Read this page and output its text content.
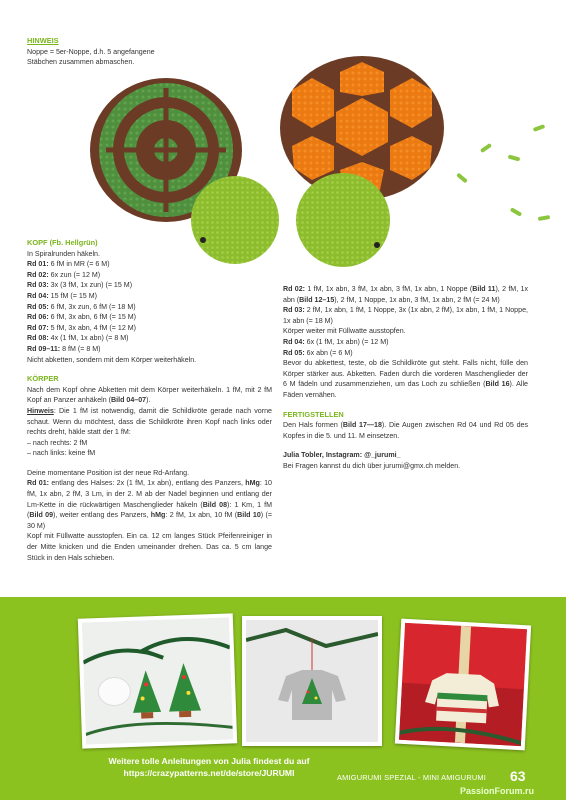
HINWEIS

Noppe = 5er-Noppe, d.h. 5 angefangene

Stäbchen zusammen abmaschen.

KOPF (Fb. Hellgrün)

In Spiralrunden häkeln.

Rd 01: 6 fM in MR (= 6 M)

Rd 02: 6x zun (= 12 M)

Rd 03: 3x (3 fM, 1x zun) (= 15 M)

Rd 04: 15 fM (= 15 M)

Rd 05: 6 fM, 3x zun, 6 fM (= 18 M)

Rd 06: 6 fM, 3x abn, 6 fM (= 15 M)

Rd 07: 5 fM, 3x abn, 4 fM (= 12 M)

Rd 08: 4x (1 fM, 1x abn) (= 8 M)

Rd 09–11: 8 fM (= 8 M)

Nicht abketten, sondern mit dem Körper weiterhäkeln.

KÖRPER

Nach dem Kopf ohne Abketten mit dem Körper weiterhäkeln. 1 fM, mit 2 fM Kopf an Panzer anhäkeln (Bild 04–07).

Hinweis: Die 1 fM ist notwendig, damit die Schildkröte gerade nach vorne schaut. Wenn du möchtest, dass die Schildkröte ihren Kopf nach links oder rechts dreht, häkle statt der 1 fM:

– nach rechts: 2 fM

– nach links: keine fM

Deine momentane Position ist der neue Rd-Anfang.

Rd 01: entlang des Halses: 2x (1 fM, 1x abn), entlang des Panzers, hMg: 10 fM, 1x abn, 2 fM, 3 Lm, in der 2. M ab der Nadel beginnen und entlang der Lm-Kette in die rückwärtigen Maschenglieder häkeln (Bild 08): 1 Km, 1 fM (Bild 09), weiter entlang des Panzers, hMg: 2 fM, 1x abn, 10 fM (Bild 10) (= 30 M)

Kopf mit Füllwatte ausstopfen. Ein ca. 12 cm langes Stück Pfeifenreiniger in der Mitte knicken und die Enden umeinander drehen. Das ca. 5 cm lange Stück in den Hals schieben.

Rd 02: 1 fM, 1x abn, 3 fM, 1x abn, 3 fM, 1x abn, 1 Noppe (Bild 11), 2 fM, 1x abn (Bild 12–15), 2 fM, 1 Noppe, 1x abn, 3 fM, 1x abn, 2 fM (= 24 M)

Rd 03: 2 fM, 1x abn, 1 fM, 1 Noppe, 3x (1x abn, 2 fM), 1x abn, 1 fM, 1 Noppe, 1x abn (= 18 M)

Körper weiter mit Füllwatte ausstopfen.

Rd 04: 6x (1 fM, 1x abn) (= 12 M)

Rd 05: 6x abn (= 6 M)

Bevor du abkettest, teste, ob die Schildkröte gut steht. Falls nicht, fülle den Körper stärker aus. Abketten. Faden durch die vorderen Maschenglieder der 6 M fädeln und zusammenziehen, um das Loch zu schließen (Bild 16). Alle Fäden vernähen.

FERTIGSTELLEN

Den Hals formen (Bild 17—18). Die Augen zwischen Rd 04 und Rd 05 des Kopfes in die 5. und 11. M einsetzen.

Julia Tobler, Instagram: @_jurumi_

Bei Fragen kannst du dich über jurumi@gmx.ch melden.

Weitere tolle Anleitungen von Julia findest du auf
https://crazypatterns.net/de/store/JURUMI	AMIGURUMI SPEZIAL - MINI AMIGURUMI 63
PassionForum.ru
